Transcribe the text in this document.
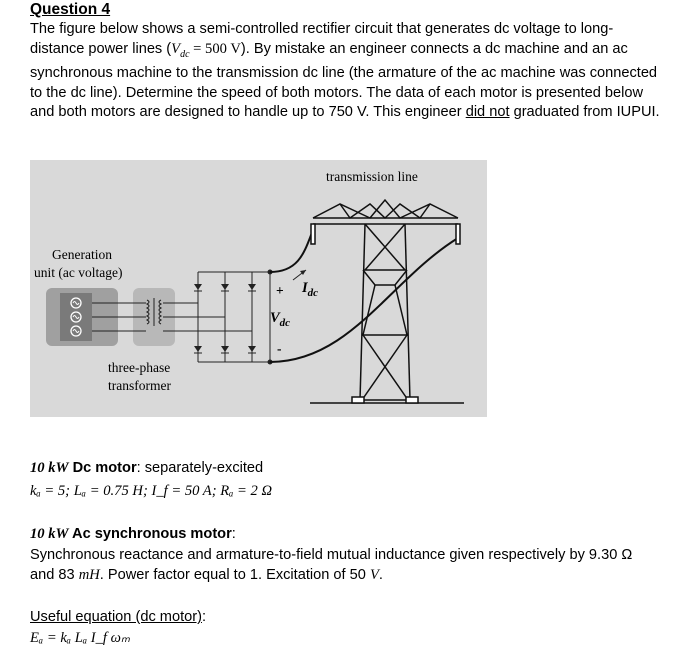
Question 4
The figure below shows a semi-controlled rectifier circuit that generates dc voltage to long-distance power lines ($V_{dc} = 500$ V). By mistake an engineer connects a dc machine and an ac synchronous machine to the transmission dc line (the armature of the ac machine was connected to the dc line). Determine the speed of both motors. The data of each motor is presented below and both motors are designed to handle up to 750 V. This engineer did not graduated from IUPUI.
transmission line
Generation
unit (ac voltage)
three-phase
transformer
$I_{dc}$
$V_{dc}$
+
-
10 kW Dc motor: separately-excited
kₐ = 5; Lₐ = 0.75 H; I_f = 50 A; Rₐ = 2 Ω
10 kW Ac synchronous motor:
Synchronous reactance and armature-to-field mutual inductance given respectively by 9.30 Ω
and 83 mH. Power factor equal to 1. Excitation of 50 V.
Useful equation (dc motor):
Eₐ = kₐ Lₐ I_f ωₘ
